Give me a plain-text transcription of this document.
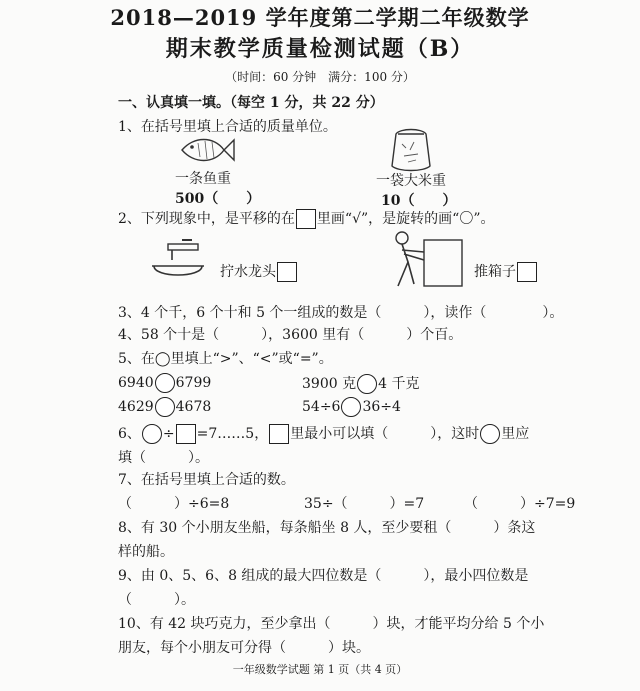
2018—2019 学年度第二学期二年级数学
期末教学质量检测试题（B）
（时间：60 分钟　满分：100 分）
一、认真填一填。（每空 1 分，共 22 分）
1、在括号里填上合适的质量单位。
一条鱼重
500（　　）
一袋大米重
10（　　）
2、下列现象中，是平移的在 里画“√”，是旋转的画“〇”。
拧水龙头	推箱子
3、4 个千，6 个十和 5 个一组成的数是（　　　），读作（　　　　）。
4、58 个十是（　　　），3600 里有（　　　）个百。
5、在◯里填上“>”、“<”或“=”。
6940 6799	3900 克 4 千克
4629 4678	54÷6 36÷4
6、 ÷ =7……5， 里最小可以填（　　　），这时 里应
填（　　　）。
7、在括号里填上合适的数。
（　　　）÷6=8	35÷（　　　）=7	（　　　）÷7=9
8、有 30 个小朋友坐船，每条船坐 8 人，至少要租（　　　）条这
样的船。
9、由 0、5、6、8 组成的最大四位数是（　　　），最小四位数是
（　　　）。
10、有 42 块巧克力，至少拿出（　　　）块，才能平均分给 5 个小
朋友，每个小朋友可分得（　　　）块。
一年级数学试题 第 1 页（共 4 页）
